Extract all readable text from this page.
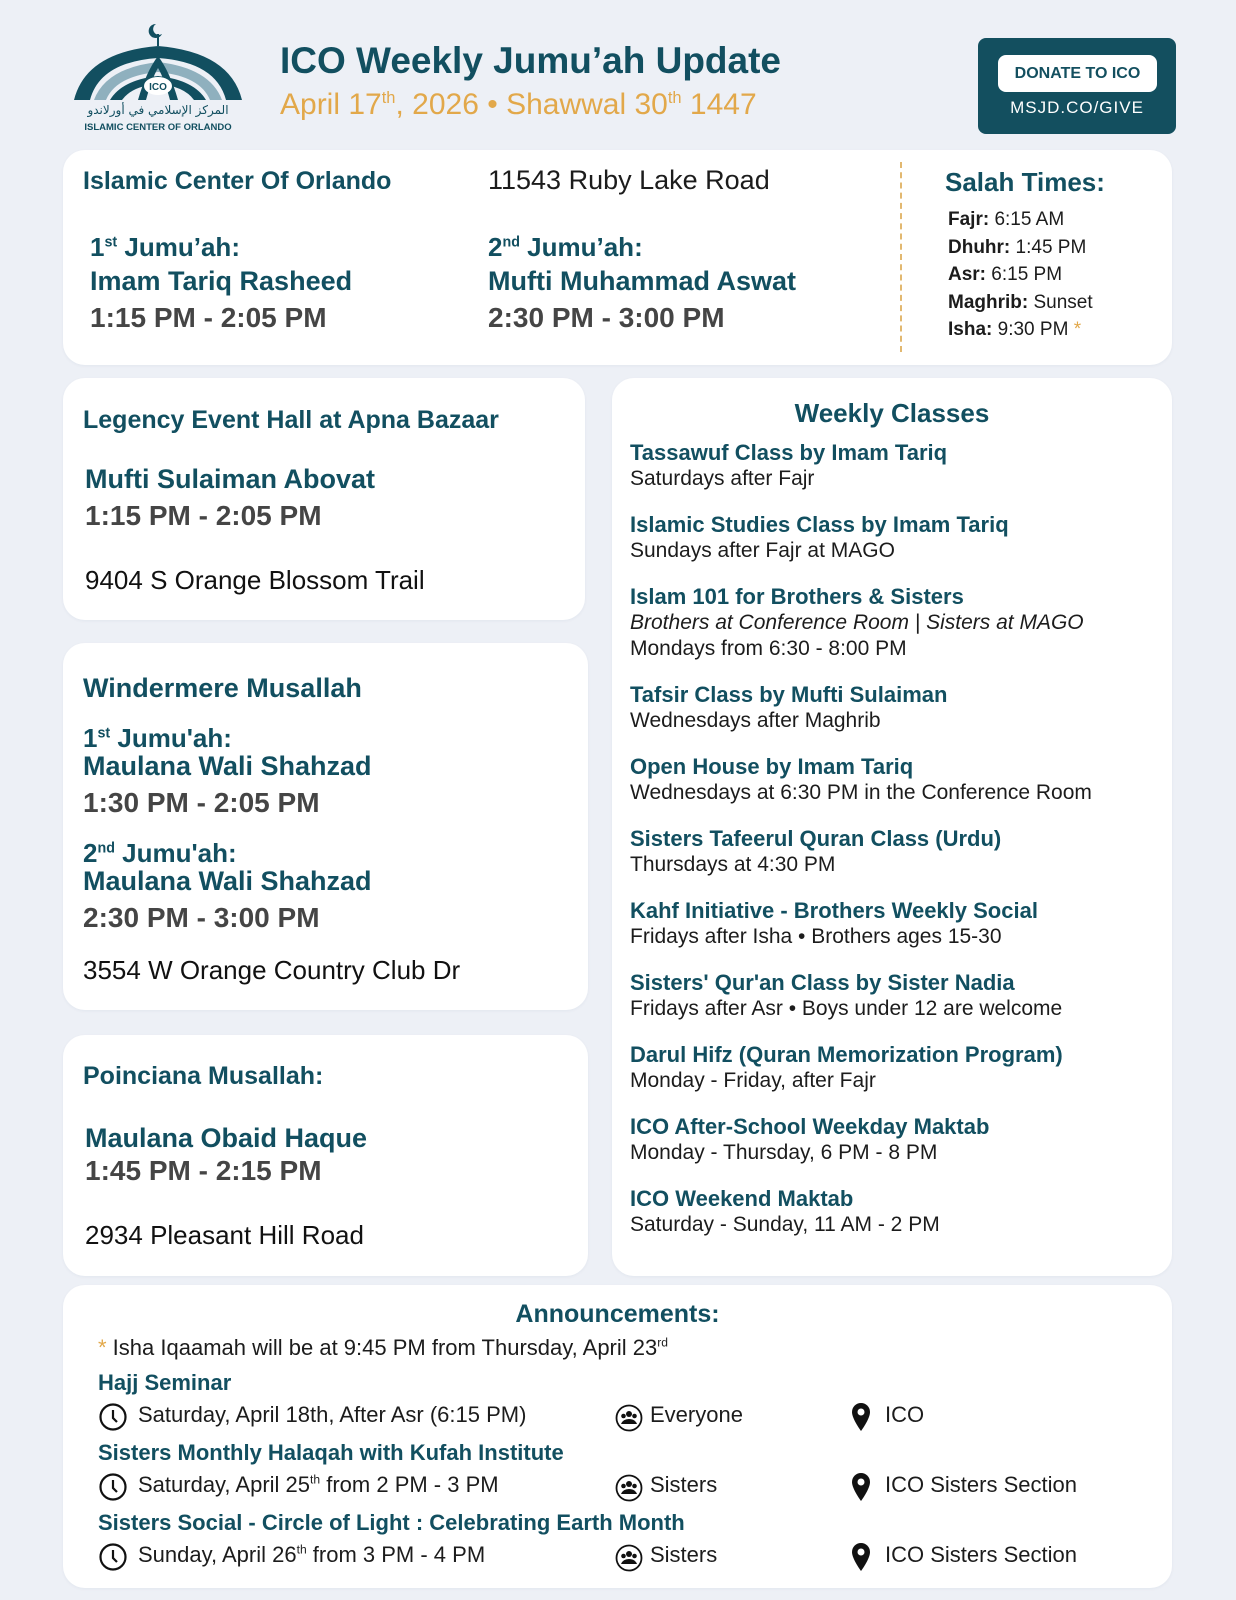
ICO
المركز الإسلامي في أورلاندو
ISLAMIC CENTER OF ORLANDO
ICO Weekly Jumu’ah Update
April 17th, 2026 • Shawwal 30th 1447
DONATE TO ICO
MSJD.CO/GIVE
Islamic Center Of Orlando	11543 Ruby Lake Road
1st Jumu’ah:
Imam Tariq Rasheed
1:15 PM - 2:05 PM
2nd Jumu’ah:
Mufti Muhammad Aswat
2:30 PM - 3:00 PM
Salah Times:
Fajr: 6:15 AM
Dhuhr: 1:45 PM
Asr: 6:15 PM
Maghrib: Sunset
Isha: 9:30 PM *
Legency Event Hall at Apna Bazaar
Mufti Sulaiman Abovat
1:15 PM - 2:05 PM
9404 S Orange Blossom Trail
Windermere Musallah
1st Jumu'ah:
Maulana Wali Shahzad
1:30 PM - 2:05 PM
2nd Jumu'ah:
Maulana Wali Shahzad
2:30 PM - 3:00 PM
3554 W Orange Country Club Dr
Poinciana Musallah:
Maulana Obaid Haque
1:45 PM - 2:15 PM
2934 Pleasant Hill Road
Weekly Classes
Tassawuf Class by Imam Tariq
Saturdays after Fajr
Islamic Studies Class by Imam Tariq
Sundays after Fajr at MAGO
Islam 101 for Brothers & Sisters
Brothers at Conference Room | Sisters at MAGO
Mondays from 6:30 - 8:00 PM
Tafsir Class by Mufti Sulaiman
Wednesdays after Maghrib
Open House by Imam Tariq
Wednesdays at 6:30 PM in the Conference Room
Sisters Tafeerul Quran Class (Urdu)
Thursdays at 4:30 PM
Kahf Initiative - Brothers Weekly Social
Fridays after Isha • Brothers ages 15-30
Sisters' Qur'an Class by Sister Nadia
Fridays after Asr • Boys under 12 are welcome
Darul Hifz (Quran Memorization Program)
Monday - Friday, after Fajr
ICO After-School Weekday Maktab
Monday - Thursday, 6 PM - 8 PM
ICO Weekend Maktab
Saturday - Sunday, 11 AM - 2 PM
Announcements:
* Isha Iqaamah will be at 9:45 PM from Thursday, April 23rd
Hajj Seminar
Saturday, April 18th, After Asr (6:15 PM)	Everyone	ICO
Sisters Monthly Halaqah with Kufah Institute
Saturday, April 25th from 2 PM - 3 PM	Sisters	ICO Sisters Section
Sisters Social - Circle of Light : Celebrating Earth Month
Sunday, April 26th from 3 PM - 4 PM	Sisters	ICO Sisters Section
